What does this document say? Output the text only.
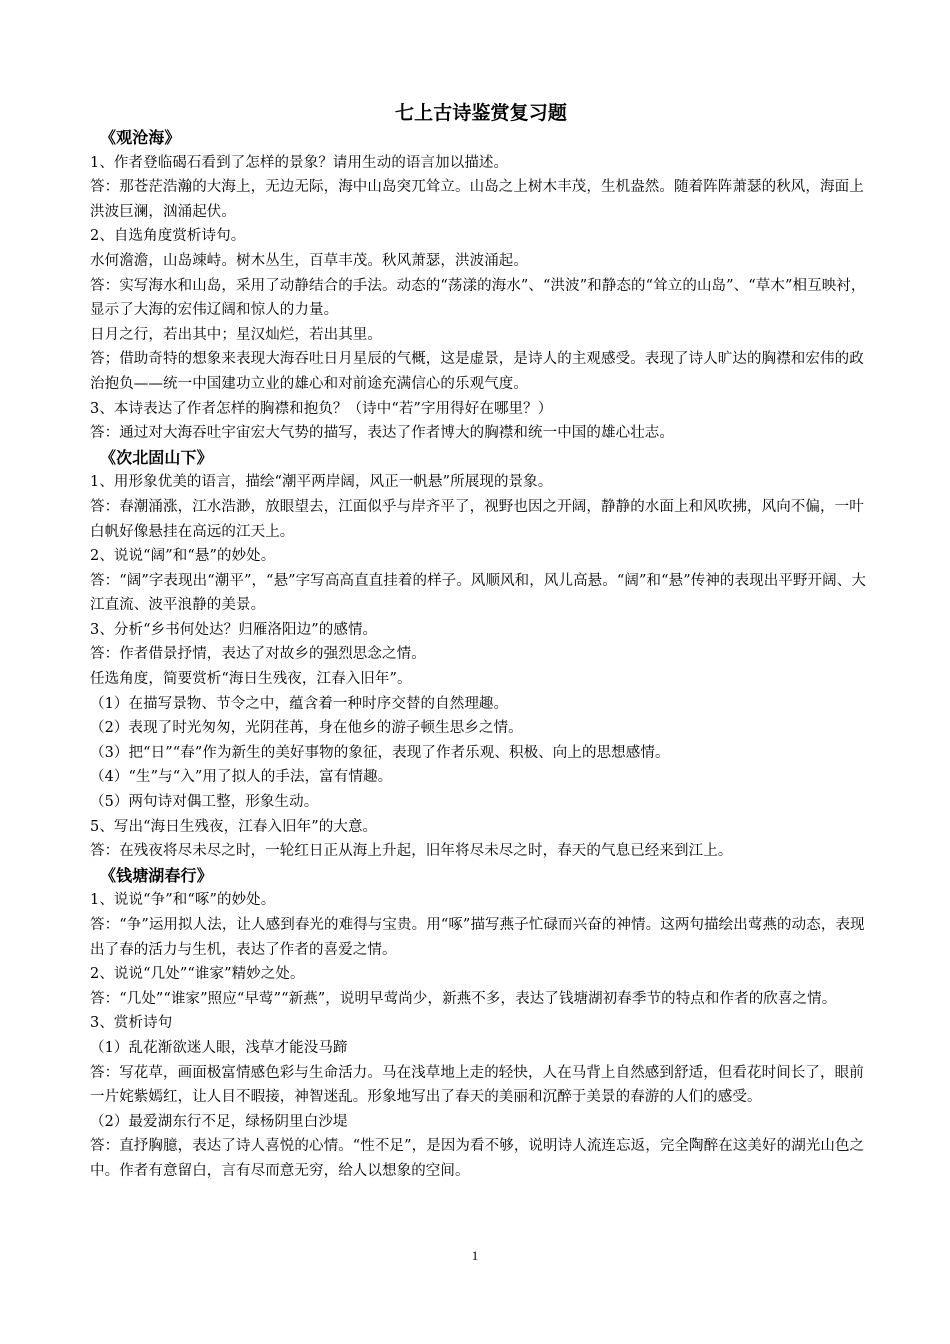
七上古诗鉴赏复习题
《观沧海》
1、作者登临碣石看到了怎样的景象？请用生动的语言加以描述。
答：那苍茫浩瀚的大海上，无边无际，海中山岛突兀耸立。山岛之上树木丰茂，生机盎然。随着阵阵萧瑟的秋风，海面上洪波巨澜，汹涌起伏。
2、自选角度赏析诗句。
水何澹澹，山岛竦峙。树木丛生，百草丰茂。秋风萧瑟，洪波涌起。
答：实写海水和山岛，采用了动静结合的手法。动态的“荡漾的海水”、“洪波”和静态的“耸立的山岛”、“草木”相互映衬，显示了大海的宏伟辽阔和惊人的力量。
日月之行，若出其中；星汉灿烂，若出其里。
答；借助奇特的想象来表现大海吞吐日月星辰的气概，这是虚景，是诗人的主观感受。表现了诗人旷达的胸襟和宏伟的政治抱负——统一中国建功立业的雄心和对前途充满信心的乐观气度。
3、本诗表达了作者怎样的胸襟和抱负？（诗中“若”字用得好在哪里？）
答：通过对大海吞吐宇宙宏大气势的描写，表达了作者博大的胸襟和统一中国的雄心壮志。
《次北固山下》
1、用形象优美的语言，描绘“潮平两岸阔，风正一帆悬”所展现的景象。
答：春潮涌涨，江水浩渺，放眼望去，江面似乎与岸齐平了，视野也因之开阔，静静的水面上和风吹拂，风向不偏，一叶白帆好像悬挂在高远的江天上。
2、说说“阔”和“悬”的妙处。
答：“阔”字表现出“潮平”，“悬”字写高高直直挂着的样子。风顺风和，风儿高悬。“阔”和“悬”传神的表现出平野开阔、大江直流、波平浪静的美景。
3、分析“乡书何处达？归雁洛阳边”的感情。
答：作者借景抒情，表达了对故乡的强烈思念之情。
任选角度，简要赏析“海日生残夜，江春入旧年”。
（1）在描写景物、节令之中，蕴含着一种时序交替的自然理趣。
（2）表现了时光匆匆，光阴荏苒，身在他乡的游子顿生思乡之情。
（3）把“日”“春”作为新生的美好事物的象征，表现了作者乐观、积极、向上的思想感情。
（4）“生”与“入”用了拟人的手法，富有情趣。
（5）两句诗对偶工整，形象生动。
5、写出“海日生残夜，江春入旧年”的大意。
答：在残夜将尽未尽之时，一轮红日正从海上升起，旧年将尽未尽之时，春天的气息已经来到江上。
《钱塘湖春行》
1、说说“争”和“啄”的妙处。
答：“争”运用拟人法，让人感到春光的难得与宝贵。用“啄”描写燕子忙碌而兴奋的神情。这两句描绘出莺燕的动态，表现出了春的活力与生机，表达了作者的喜爱之情。
2、说说“几处”“谁家”精妙之处。
答：“几处”“谁家”照应“早莺”“新燕”，说明早莺尚少，新燕不多，表达了钱塘湖初春季节的特点和作者的欣喜之情。
3、赏析诗句
（1）乱花渐欲迷人眼，浅草才能没马蹄
答：写花草，画面极富情感色彩与生命活力。马在浅草地上走的轻快，人在马背上自然感到舒适，但看花时间长了，眼前一片姹紫嫣红，让人目不暇接，神智迷乱。形象地写出了春天的美丽和沉醉于美景的春游的人们的感受。
（2）最爱湖东行不足，绿杨阴里白沙堤
答：直抒胸臆，表达了诗人喜悦的心情。“性不足”，是因为看不够，说明诗人流连忘返，完全陶醉在这美好的湖光山色之中。作者有意留白，言有尽而意无穷，给人以想象的空间。
1
